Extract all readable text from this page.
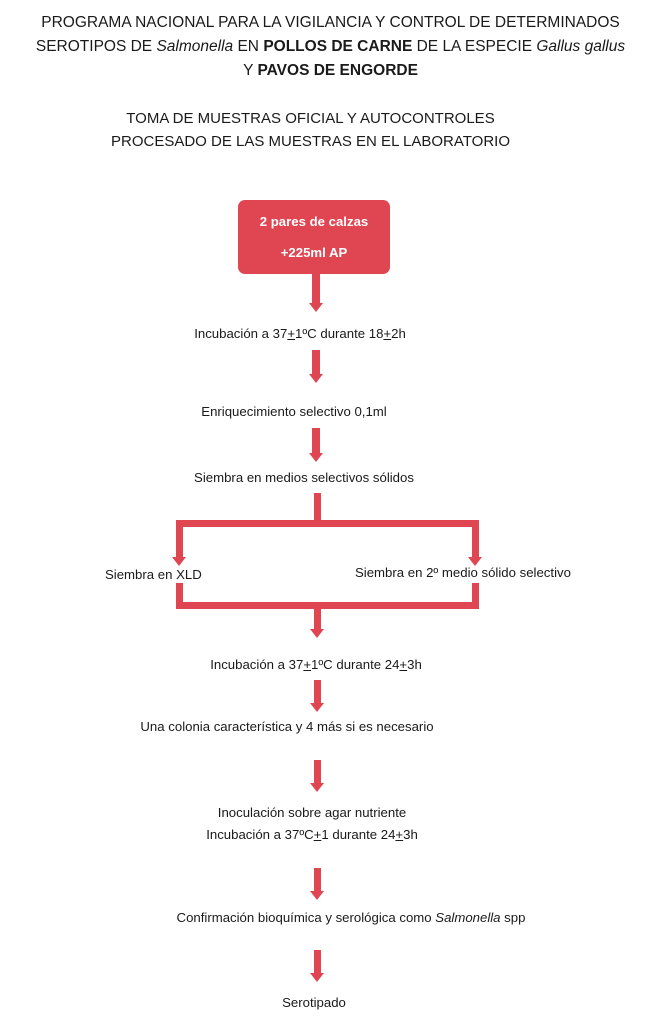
PROGRAMA NACIONAL PARA LA VIGILANCIA Y CONTROL DE DETERMINADOS
SEROTIPOS DE Salmonella EN POLLOS DE CARNE DE LA ESPECIE Gallus gallus
Y PAVOS DE ENGORDE
TOMA DE MUESTRAS OFICIAL Y AUTOCONTROLES
PROCESADO DE LAS MUESTRAS EN EL LABORATORIO
2 pares de calzas
+225ml AP
Incubación a 37+1ºC durante 18+2h
Enriquecimiento selectivo 0,1ml
Siembra en medios selectivos sólidos
Siembra en XLD	Siembra en 2º medio sólido selectivo
Incubación a 37+1ºC durante 24+3h
Una colonia característica y 4 más si es necesario
Inoculación sobre agar nutriente
Incubación a 37ºC+1 durante 24+3h
Confirmación bioquímica y serológica como Salmonella spp
Serotipado
